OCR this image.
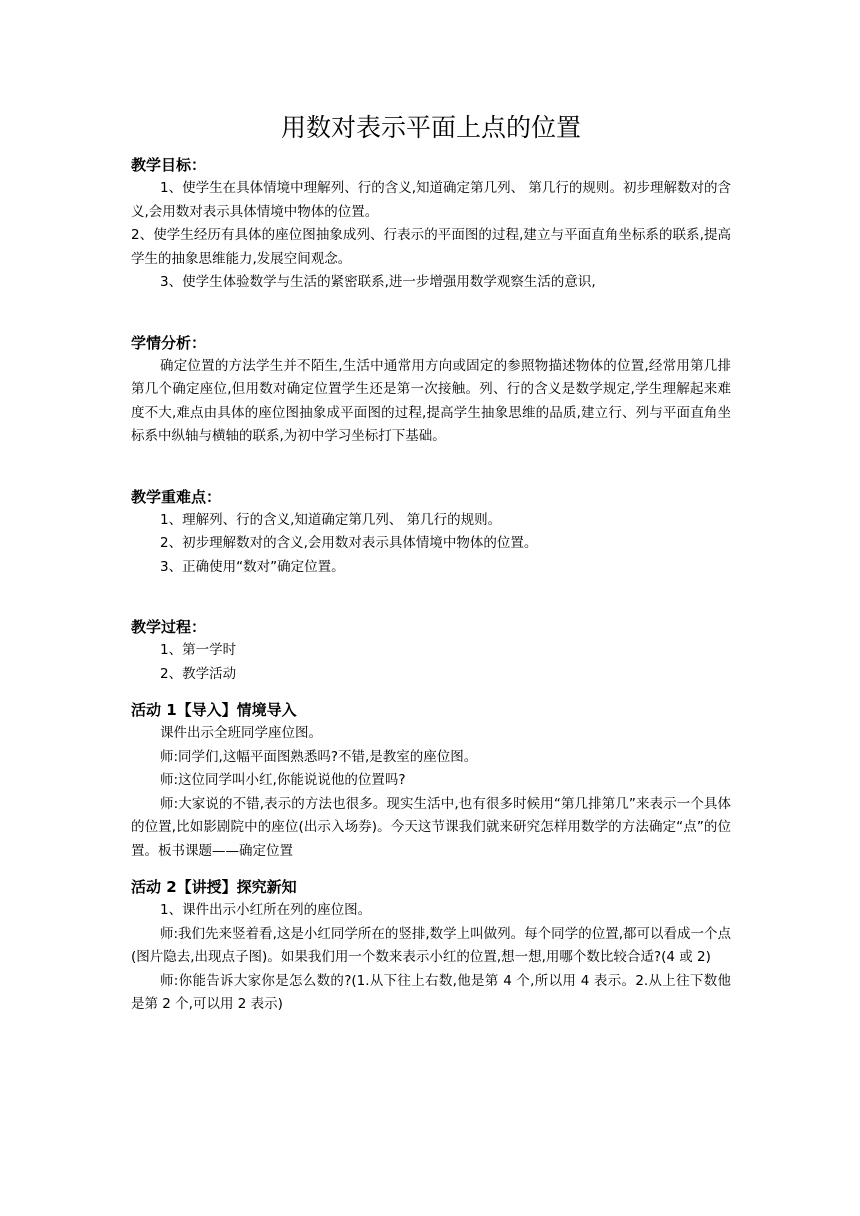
用数对表示平面上点的位置

教学目标：

1、使学生在具体情境中理解列、行的含义,知道确定第几列、 第几行的规则。初步理解数对的含义,会用数对表示具体情境中物体的位置。

2、使学生经历有具体的座位图抽象成列、行表示的平面图的过程,建立与平面直角坐标系的联系,提高学生的抽象思维能力,发展空间观念。

3、使学生体验数学与生活的紧密联系,进一步增强用数学观察生活的意识,

学情分析：

确定位置的方法学生并不陌生,生活中通常用方向或固定的参照物描述物体的位置,经常用第几排第几个确定座位,但用数对确定位置学生还是第一次接触。列、行的含义是数学规定,学生理解起来难度不大,难点由具体的座位图抽象成平面图的过程,提高学生抽象思维的品质,建立行、列与平面直角坐标系中纵轴与横轴的联系,为初中学习坐标打下基础。

教学重难点：

1、理解列、行的含义,知道确定第几列、 第几行的规则。

2、初步理解数对的含义,会用数对表示具体情境中物体的位置。

3、正确使用“数对”确定位置。

教学过程：

1、第一学时

2、教学活动

活动 1【导入】情境导入

课件出示全班同学座位图。

师:同学们,这幅平面图熟悉吗?不错,是教室的座位图。

师:这位同学叫小红,你能说说他的位置吗?

师:大家说的不错,表示的方法也很多。现实生活中,也有很多时候用“第几排第几”来表示一个具体的位置,比如影剧院中的座位(出示入场券)。今天这节课我们就来研究怎样用数学的方法确定“点”的位置。板书课题——确定位置

活动 2【讲授】探究新知

1、课件出示小红所在列的座位图。

师:我们先来竖着看,这是小红同学所在的竖排,数学上叫做列。每个同学的位置,都可以看成一个点(图片隐去,出现点子图)。如果我们用一个数来表示小红的位置,想一想,用哪个数比较合适?(4 或 2)

师:你能告诉大家你是怎么数的?(1.从下往上右数,他是第 4 个,所以用 4 表示。2.从上往下数他是第 2 个,可以用 2 表示)
